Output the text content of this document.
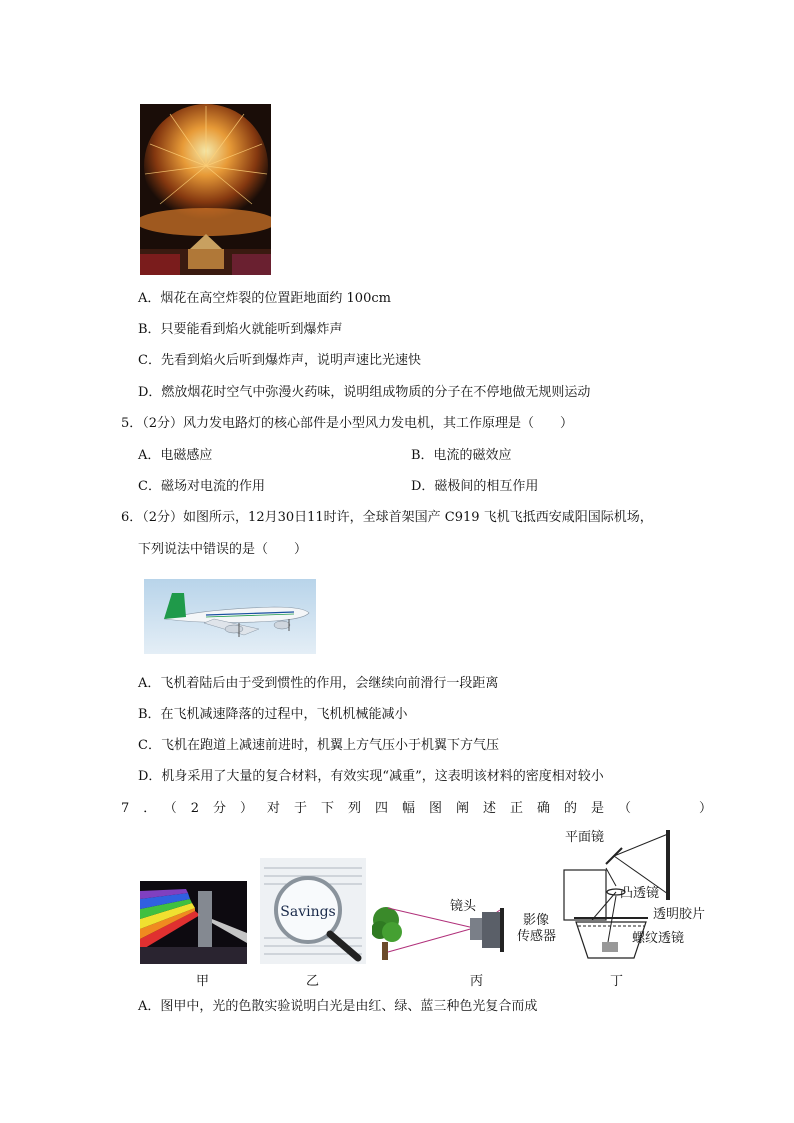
A．烟花在高空炸裂的位置距地面约 100cm
B．只要能看到焰火就能听到爆炸声
C．先看到焰火后听到爆炸声，说明声速比光速快
D．燃放烟花时空气中弥漫火药味，说明组成物质的分子在不停地做无规则运动
5．（2分）风力发电路灯的核心部件是小型风力发电机，其工作原理是（　　）
A．电磁感应	B．电流的磁效应
C．磁场对电流的作用	D．磁极间的相互作用
6．（2分）如图所示，12月30日11时许，全球首架国产 C919 飞机飞抵西安咸阳国际机场，
下列说法中错误的是（　　）
A．飞机着陆后由于受到惯性的作用，会继续向前滑行一段距离
B．在飞机减速降落的过程中，飞机机械能减小
C．飞机在跑道上减速前进时，机翼上方气压小于机翼下方气压
D．机身采用了大量的复合材料，有效实现“减重”，这表明该材料的密度相对较小
7．（2分）对于下列四幅图阐述正确的是（　　）
甲
Savings
乙
镜头
影像
传感器
丙
平面镜
凸透镜
透明胶片
螺纹透镜
丁
A．图甲中，光的色散实验说明白光是由红、绿、蓝三种色光复合而成
